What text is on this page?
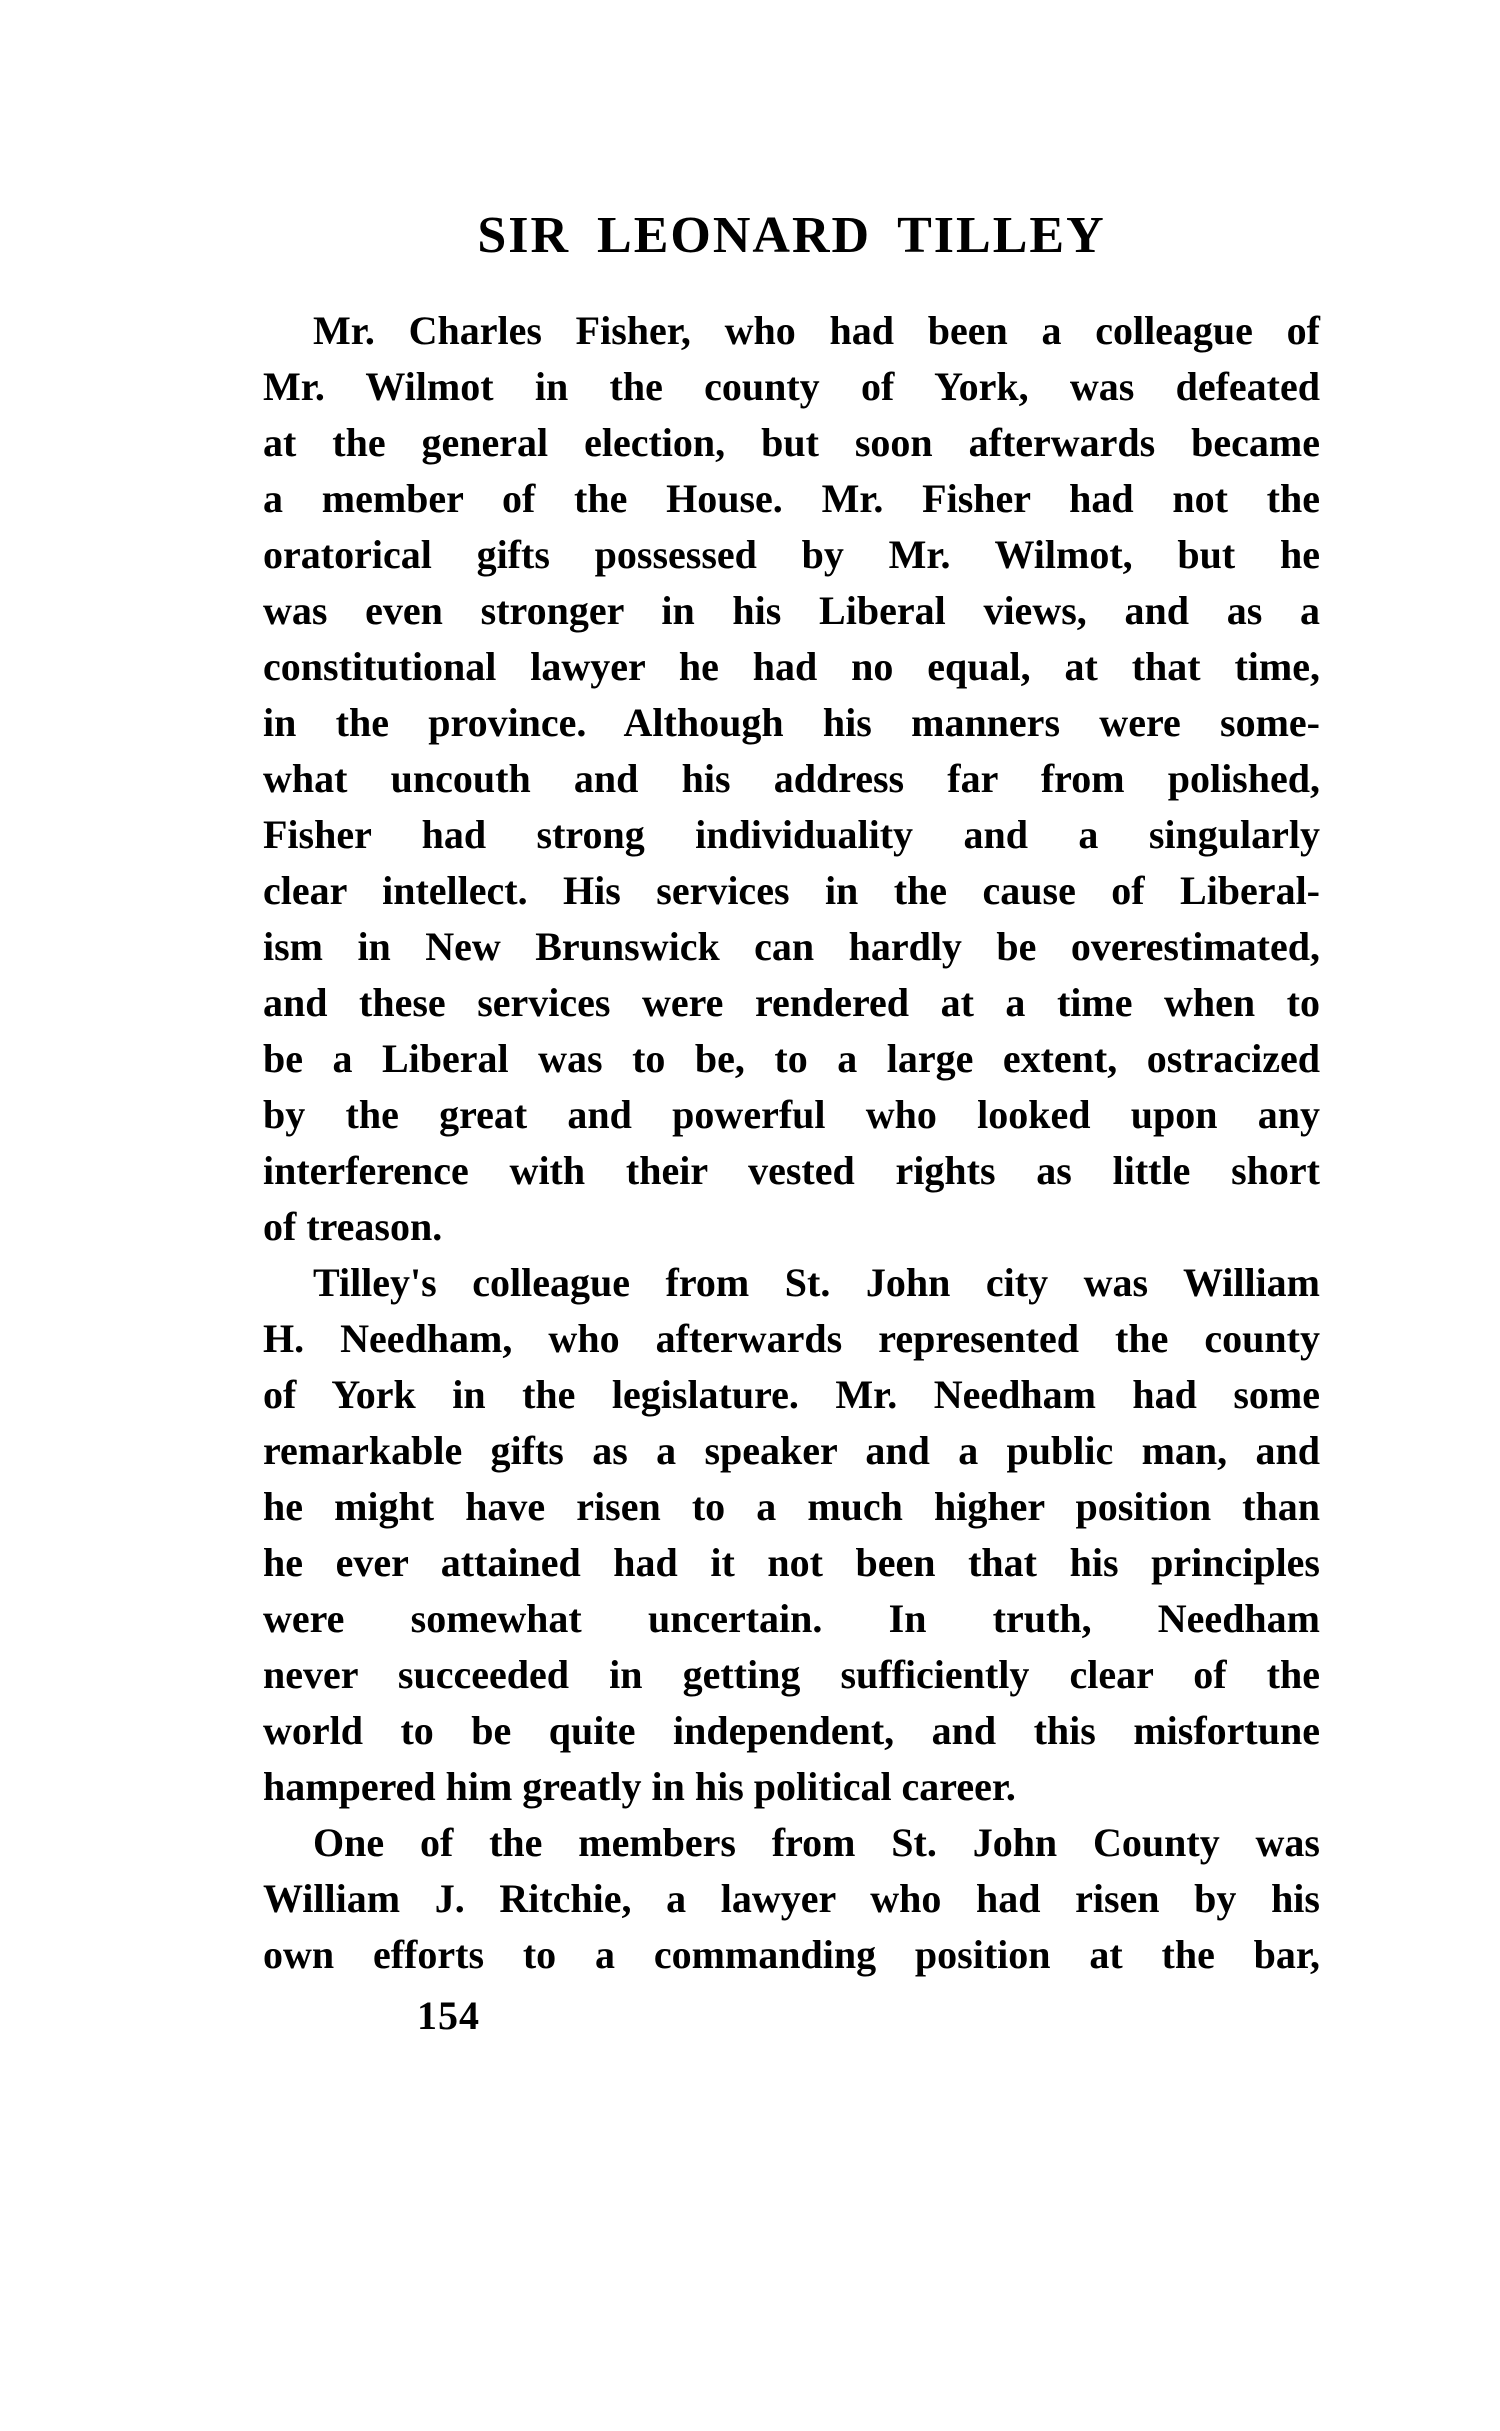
SIR LEONARD TILLEY
Mr. Charles Fisher, who had been a colleague of
Mr. Wilmot in the county of York, was defeated
at the general election, but soon afterwards became
a member of the House. Mr. Fisher had not the
oratorical gifts possessed by Mr. Wilmot, but he
was even stronger in his Liberal views, and as a
constitutional lawyer he had no equal, at that time,
in the province. Although his manners were some-
what uncouth and his address far from polished,
Fisher had strong individuality and a singularly
clear intellect. His services in the cause of Liberal-
ism in New Brunswick can hardly be overestimated,
and these services were rendered at a time when to
be a Liberal was to be, to a large extent, ostracized
by the great and powerful who looked upon any
interference with their vested rights as little short
of treason.
Tilley's colleague from St. John city was William
H. Needham, who afterwards represented the county
of York in the legislature. Mr. Needham had some
remarkable gifts as a speaker and a public man, and
he might have risen to a much higher position than
he ever attained had it not been that his principles
were somewhat uncertain. In truth, Needham
never succeeded in getting sufficiently clear of the
world to be quite independent, and this misfortune
hampered him greatly in his political career.
One of the members from St. John County was
William J. Ritchie, a lawyer who had risen by his
own efforts to a commanding position at the bar,
154
